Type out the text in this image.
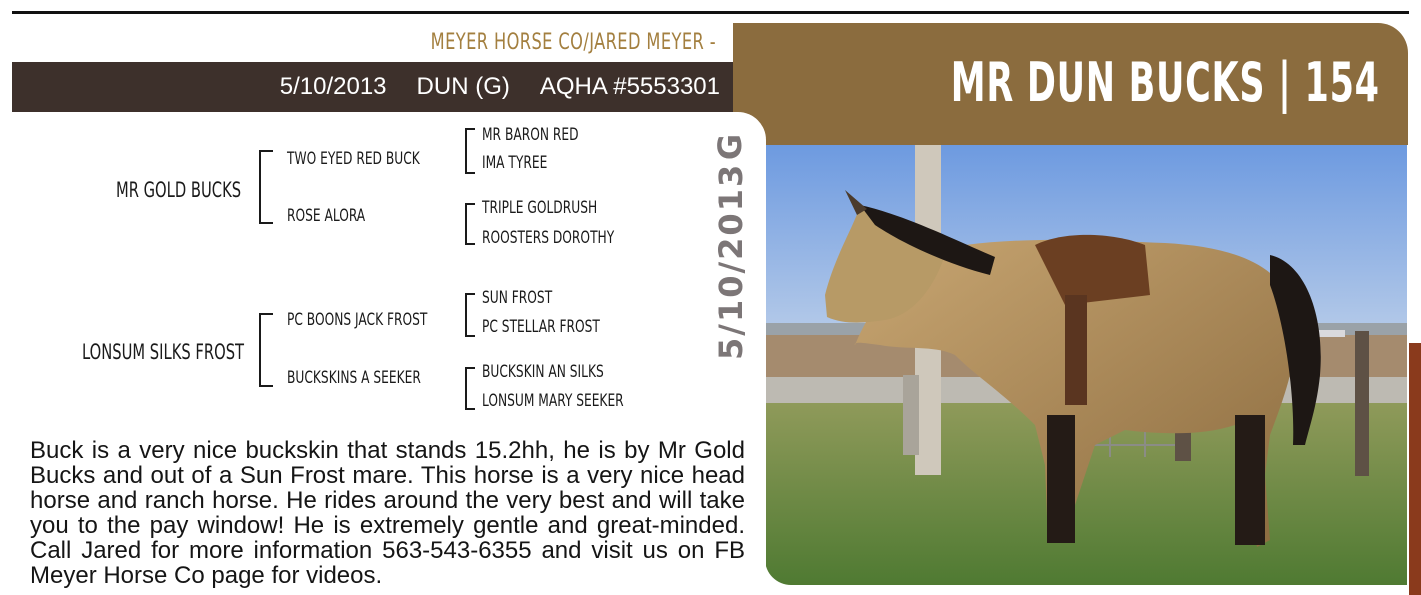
MEYER HORSE CO/JARED MEYER -
5/10/2013 DUN (G) AQHA #5553301	MR DUN BUCKS | 154
5/10/2013
G
MR GOLD BUCKS
TWO EYED RED BUCK
ROSE ALORA
MR BARON RED
IMA TYREE
TRIPLE GOLDRUSH
ROOSTERS DOROTHY
LONSUM SILKS FROST
PC BOONS JACK FROST
BUCKSKINS A SEEKER
SUN FROST
PC STELLAR FROST
BUCKSKIN AN SILKS
LONSUM MARY SEEKER
Buck is a very nice buckskin that stands 15.2hh, he is by Mr Gold Bucks and out of a Sun Frost mare. This horse is a very nice head horse and ranch horse. He rides around the very best and will take you to the pay window! He is extremely gentle and great-minded. Call Jared for more information 563-543-6355 and visit us on FB Meyer Horse Co page for videos.
